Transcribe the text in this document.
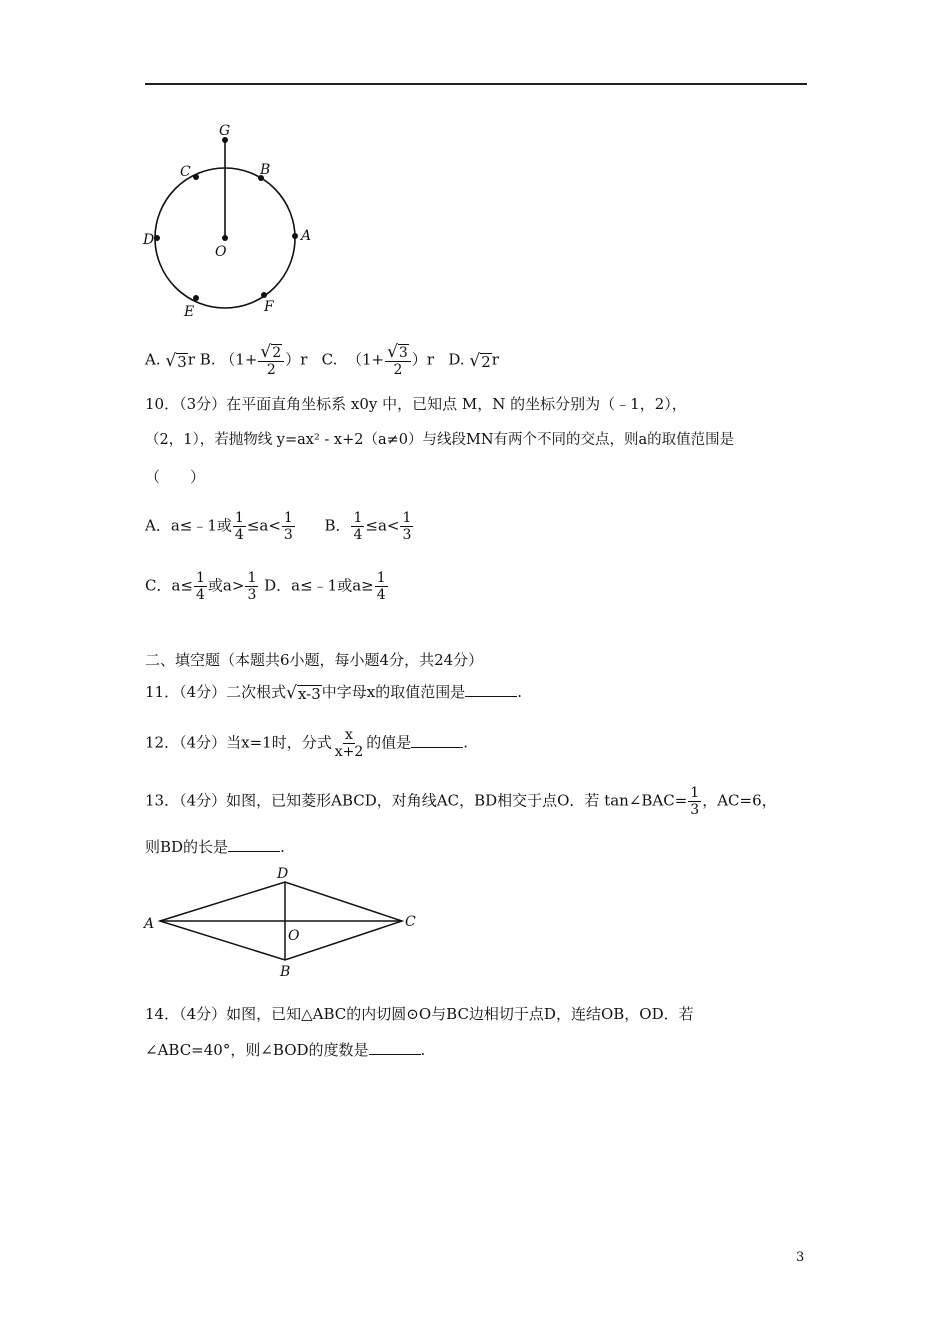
G
C	B
D
O
A
E	F
A. √ 3 r B. $(1+ \frac{√ 2}{2} )r$ C. $(1+ \frac{√ 3}{2} )r$ D. √ 2 r
10．（3分）在平面直角坐标系 x0y 中，已知点 M，N 的坐标分别为（﹣1，2），
（2，1），若抛物线 y=ax² - x+2（a≠0）与线段MN有两个不同的交点，则a的取值范围是
（　　）
A．a≤﹣1或 $\frac{1}{4} \le a< \frac{1}{3}$ B． $\frac{1}{4} \le a< \frac{1}{3}$
C．$a\le \frac{1}{4}$ 或$a> \frac{1}{3}$ D．a≤﹣1或$a\ge \frac{1}{4}$
二、填空题（本题共6小题，每小题4分，共24分）
11．（4分）二次根式 √ x-3 中字母x的取值范围是	.
12．（4分）当x=1时，分式 $\frac{x}{x+2}$ 的值是	.
13．（4分）如图，已知菱形ABCD，对角线AC，BD相交于点O．若 tan∠BAC= $\frac{1}{3}$ ，AC=6，
则BD的长是	.
A
D
C
O
B
14．（4分）如图，已知△ABC的内切圆⊙O与BC边相切于点D，连结OB，OD．若
∠ABC=40°，则∠BOD的度数是	.
3
